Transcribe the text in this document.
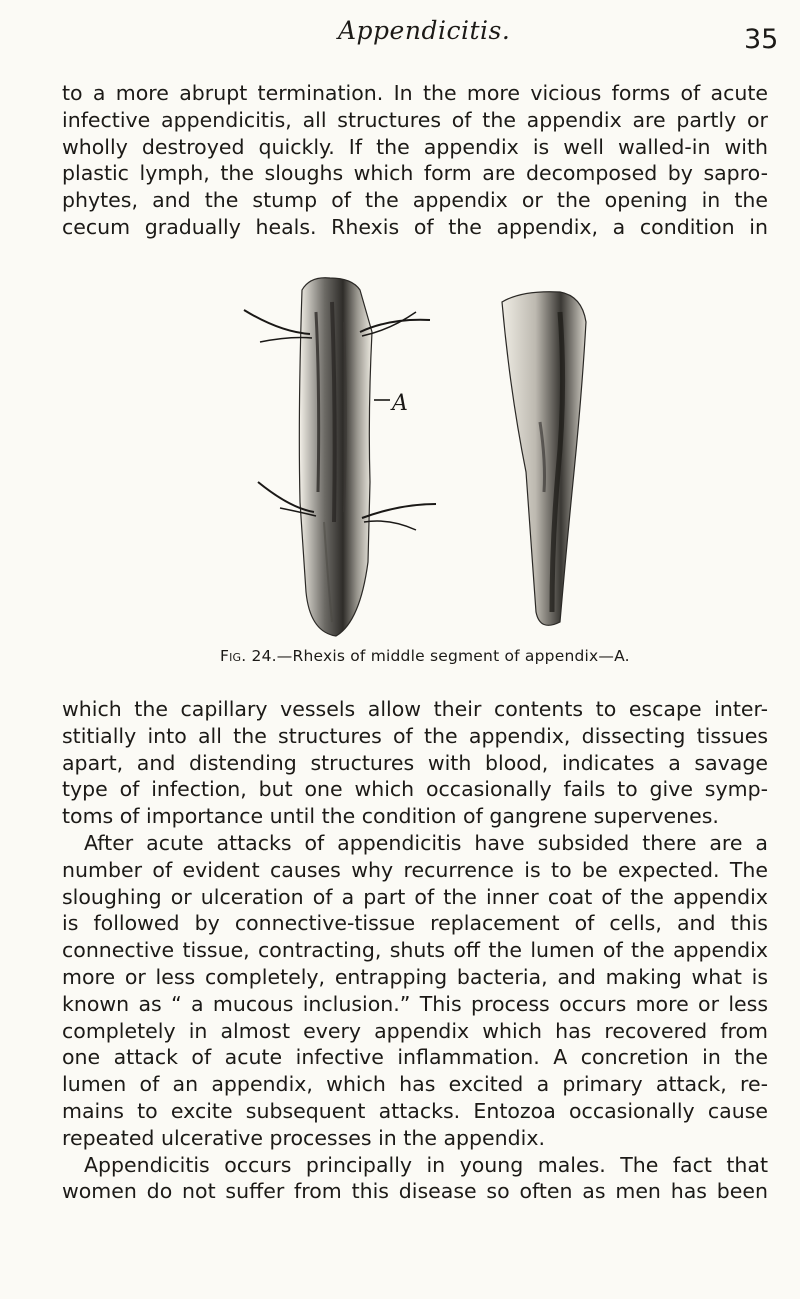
Appendicitis.	35
to a more abrupt termination. In the more vicious forms of acute
infective appendicitis, all structures of the appendix are partly or
wholly destroyed quickly. If the appendix is well walled-in with
plastic lymph, the sloughs which form are decomposed by sapro-
phytes, and the stump of the appendix or the opening in the
cecum gradually heals. Rhexis of the appendix, a condition in
A
Fig. 24.—Rhexis of middle segment of appendix—A.
which the capillary vessels allow their contents to escape inter-
stitially into all the structures of the appendix, dissecting tissues
apart, and distending structures with blood, indicates a savage
type of infection, but one which occasionally fails to give symp-
toms of importance until the condition of gangrene supervenes.
After acute attacks of appendicitis have subsided there are a
number of evident causes why recurrence is to be expected. The
sloughing or ulceration of a part of the inner coat of the appendix
is followed by connective-tissue replacement of cells, and this
connective tissue, contracting, shuts off the lumen of the appendix
more or less completely, entrapping bacteria, and making what is
known as “ a mucous inclusion.” This process occurs more or less
completely in almost every appendix which has recovered from
one attack of acute infective inflammation. A concretion in the
lumen of an appendix, which has excited a primary attack, re-
mains to excite subsequent attacks. Entozoa occasionally cause
repeated ulcerative processes in the appendix.
Appendicitis occurs principally in young males. The fact that
women do not suffer from this disease so often as men has been
